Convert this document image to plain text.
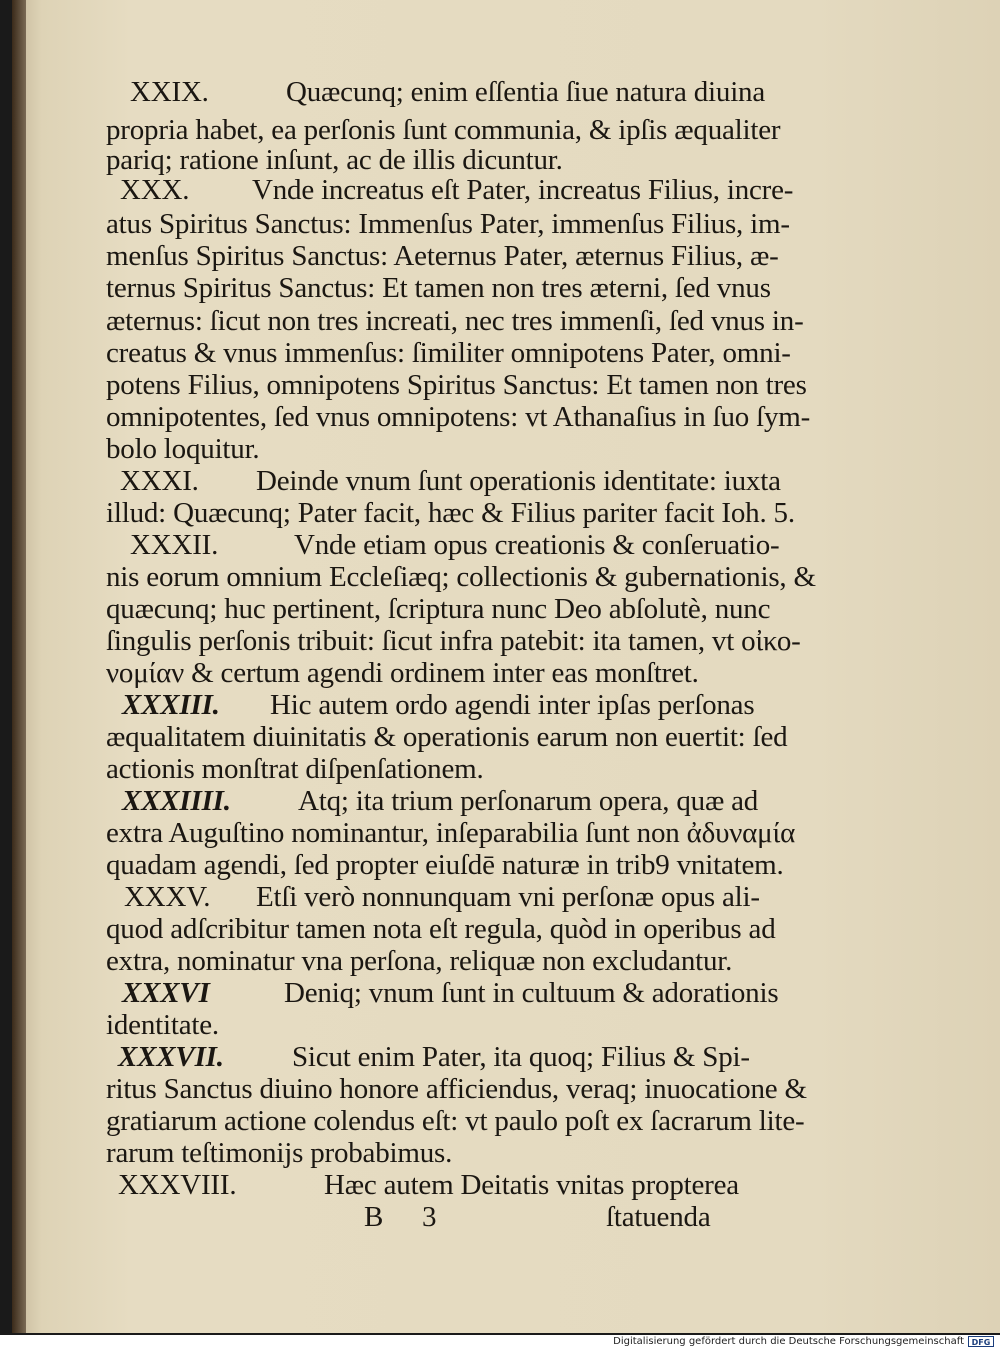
XXIX.	Quæcunq; enim eſſentia ſiue natura diuina
propria habet, ea perſonis ſunt communia, & ipſis æqualiter
pariq; ratione inſunt, ac de illis dicuntur.
XXX. Vnde increatus eſt Pater, increatus Filius, incre-
atus Spiritus Sanctus: Immenſus Pater, immenſus Filius, im-
menſus Spiritus Sanctus: Aeternus Pater, æternus Filius, æ-
ternus Spiritus Sanctus: Et tamen non tres æterni, ſed vnus
æternus: ſicut non tres increati, nec tres immenſi, ſed vnus in-
creatus & vnus immenſus: ſimiliter omnipotens Pater, omni-
potens Filius, omnipotens Spiritus Sanctus: Et tamen non tres
omnipotentes, ſed vnus omnipotens: vt Athanaſius in ſuo ſym-
bolo loquitur.
XXXI. Deinde vnum ſunt operationis identitate: iuxta
illud: Quæcunq; Pater facit, hæc & Filius pariter facit Ioh. 5.
XXXII.	Vnde etiam opus creationis & conſeruatio-
nis eorum omnium Eccleſiæq; collectionis & gubernationis, &
quæcunq; huc pertinent, ſcriptura nunc Deo abſolutè, nunc
ſingulis perſonis tribuit: ſicut infra patebit: ita tamen, vt οἰκο-
νομίαν & certum agendi ordinem inter eas monſtret.
XXXIII. Hic autem ordo agendi inter ipſas perſonas
æqualitatem diuinitatis & operationis earum non euertit: ſed
actionis monſtrat diſpenſationem.
XXXIIII. Atq; ita trium perſonarum opera, quæ ad
extra Auguſtino nominantur, inſeparabilia ſunt non ἀδυναμία
quadam agendi, ſed propter eiuſdē naturæ in trib9 vnitatem.
XXXV. Etſi verò nonnunquam vni perſonæ opus ali-
quod adſcribitur tamen nota eſt regula, quòd in operibus ad
extra, nominatur vna perſona, reliquæ non excludantur.
XXXVI	Deniq; vnum ſunt in cultuum & adorationis
identitate.
XXXVII. Sicut enim Pater, ita quoq; Filius & Spi-
ritus Sanctus diuino honore afficiendus, veraq; inuocatione &
gratiarum actione colendus eſt: vt paulo poſt ex ſacrarum lite-
rarum teſtimonijs probabimus.
XXXVIII.	Hæc autem Deitatis vnitas propterea
B 3	ſtatuenda
Digitalisierung gefördert durch die Deutsche Forschungsgemeinschaft DFG
